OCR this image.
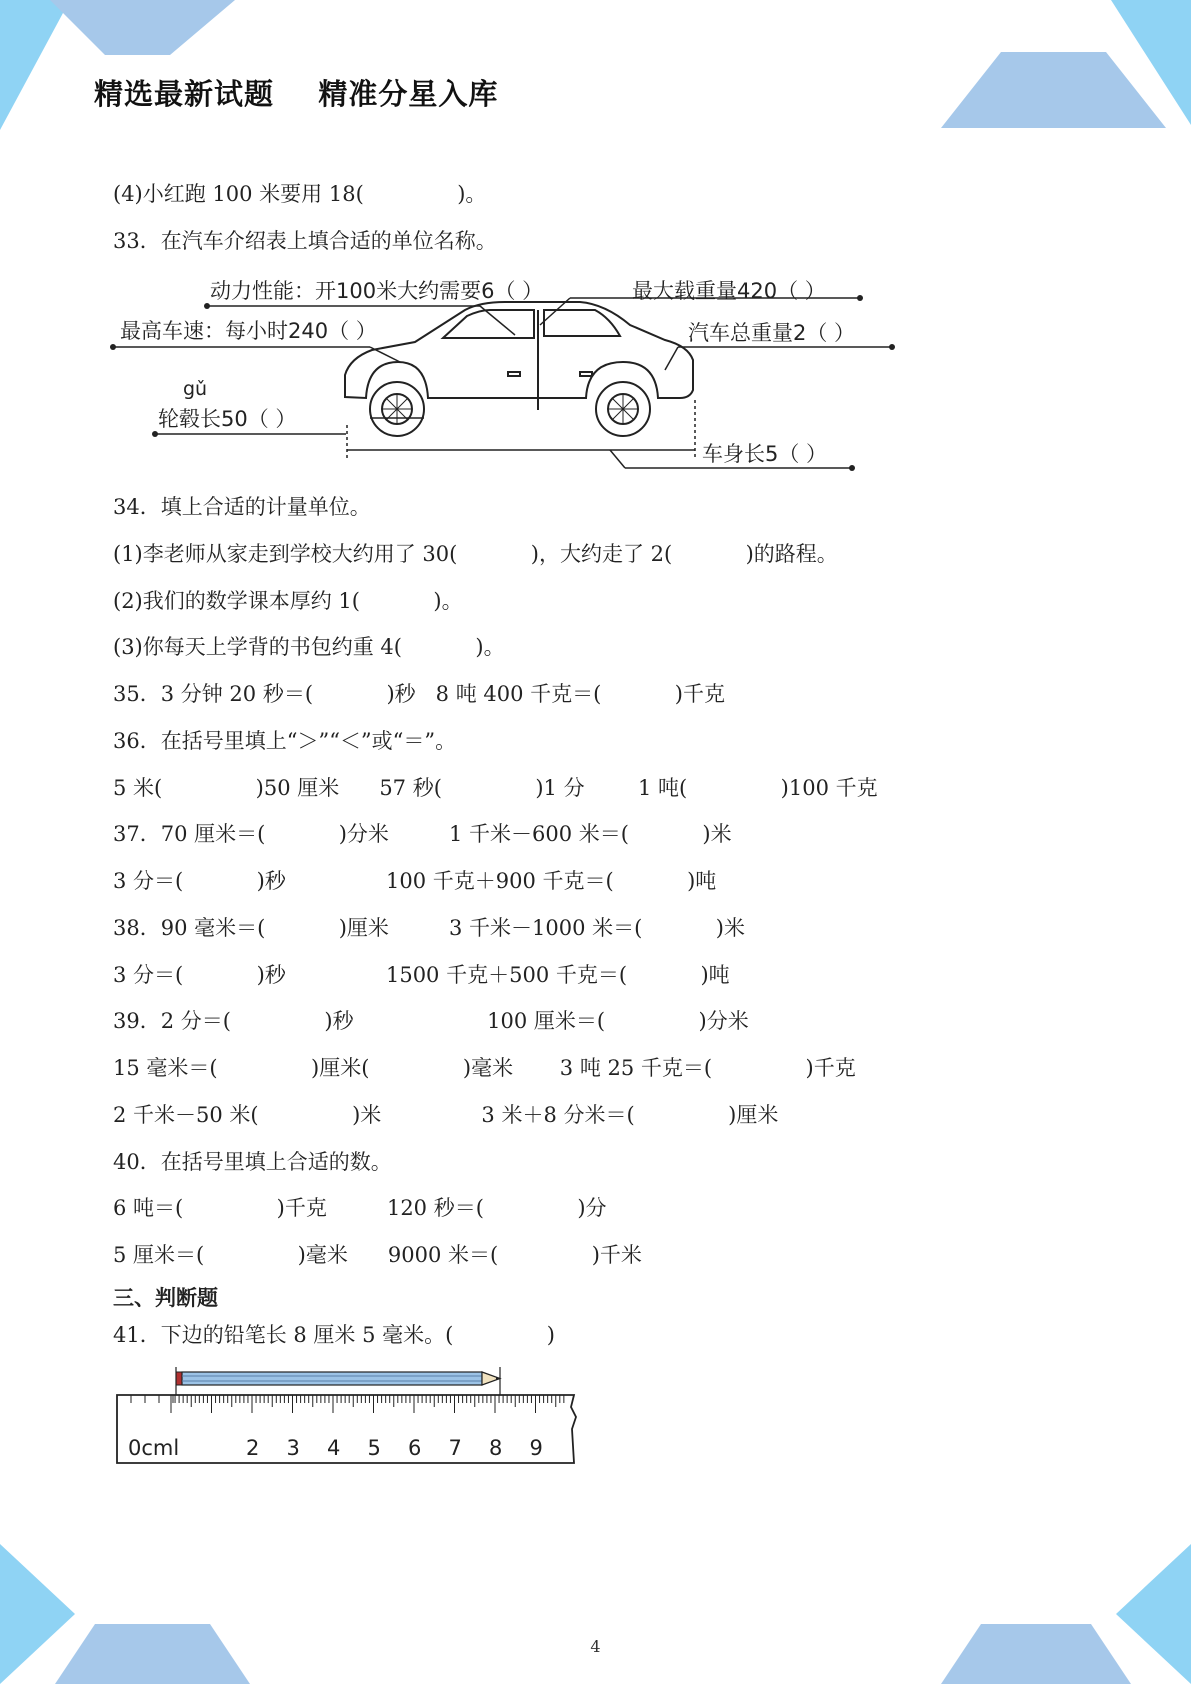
精选最新试题    精准分星入库
(4)小红跑 100 米要用 18(              )。
33．在汽车介绍表上填合适的单位名称。
动力性能：开100米大约需要6（ ）	最大载重量420（ ）
最高车速：每小时240（ ）	汽车总重量2（ ）
gǔ
轮毂长50（ ）
车身长5（ ）
34．填上合适的计量单位。
(1)李老师从家走到学校大约用了 30(           )，大约走了 2(           )的路程。
(2)我们的数学课本厚约 1(           )。
(3)你每天上学背的书包约重 4(           )。
35．3 分钟 20 秒＝(           )秒   8 吨 400 千克＝(           )千克
36．在括号里填上“＞”“＜”或“＝”。
5 米(              )50 厘米      57 秒(              )1 分        1 吨(              )100 千克
37．70 厘米＝(           )分米         1 千米－600 米＝(           )米
3 分＝(           )秒               100 千克＋900 千克＝(           )吨
38．90 毫米＝(           )厘米         3 千米－1000 米＝(           )米
3 分＝(           )秒               1500 千克＋500 千克＝(           )吨
39．2 分＝(              )秒                    100 厘米＝(              )分米
15 毫米＝(              )厘米(              )毫米       3 吨 25 千克＝(              )千克
2 千米－50 米(              )米               3 米＋8 分米＝(              )厘米
40．在括号里填上合适的数。
6 吨＝(              )千克         120 秒＝(              )分
5 厘米＝(              )毫米      9000 米＝(              )千米
三、判断题
41．下边的铅笔长 8 厘米 5 毫米。(              )
0cml	2 3 4 5 6 7 8 9
4
